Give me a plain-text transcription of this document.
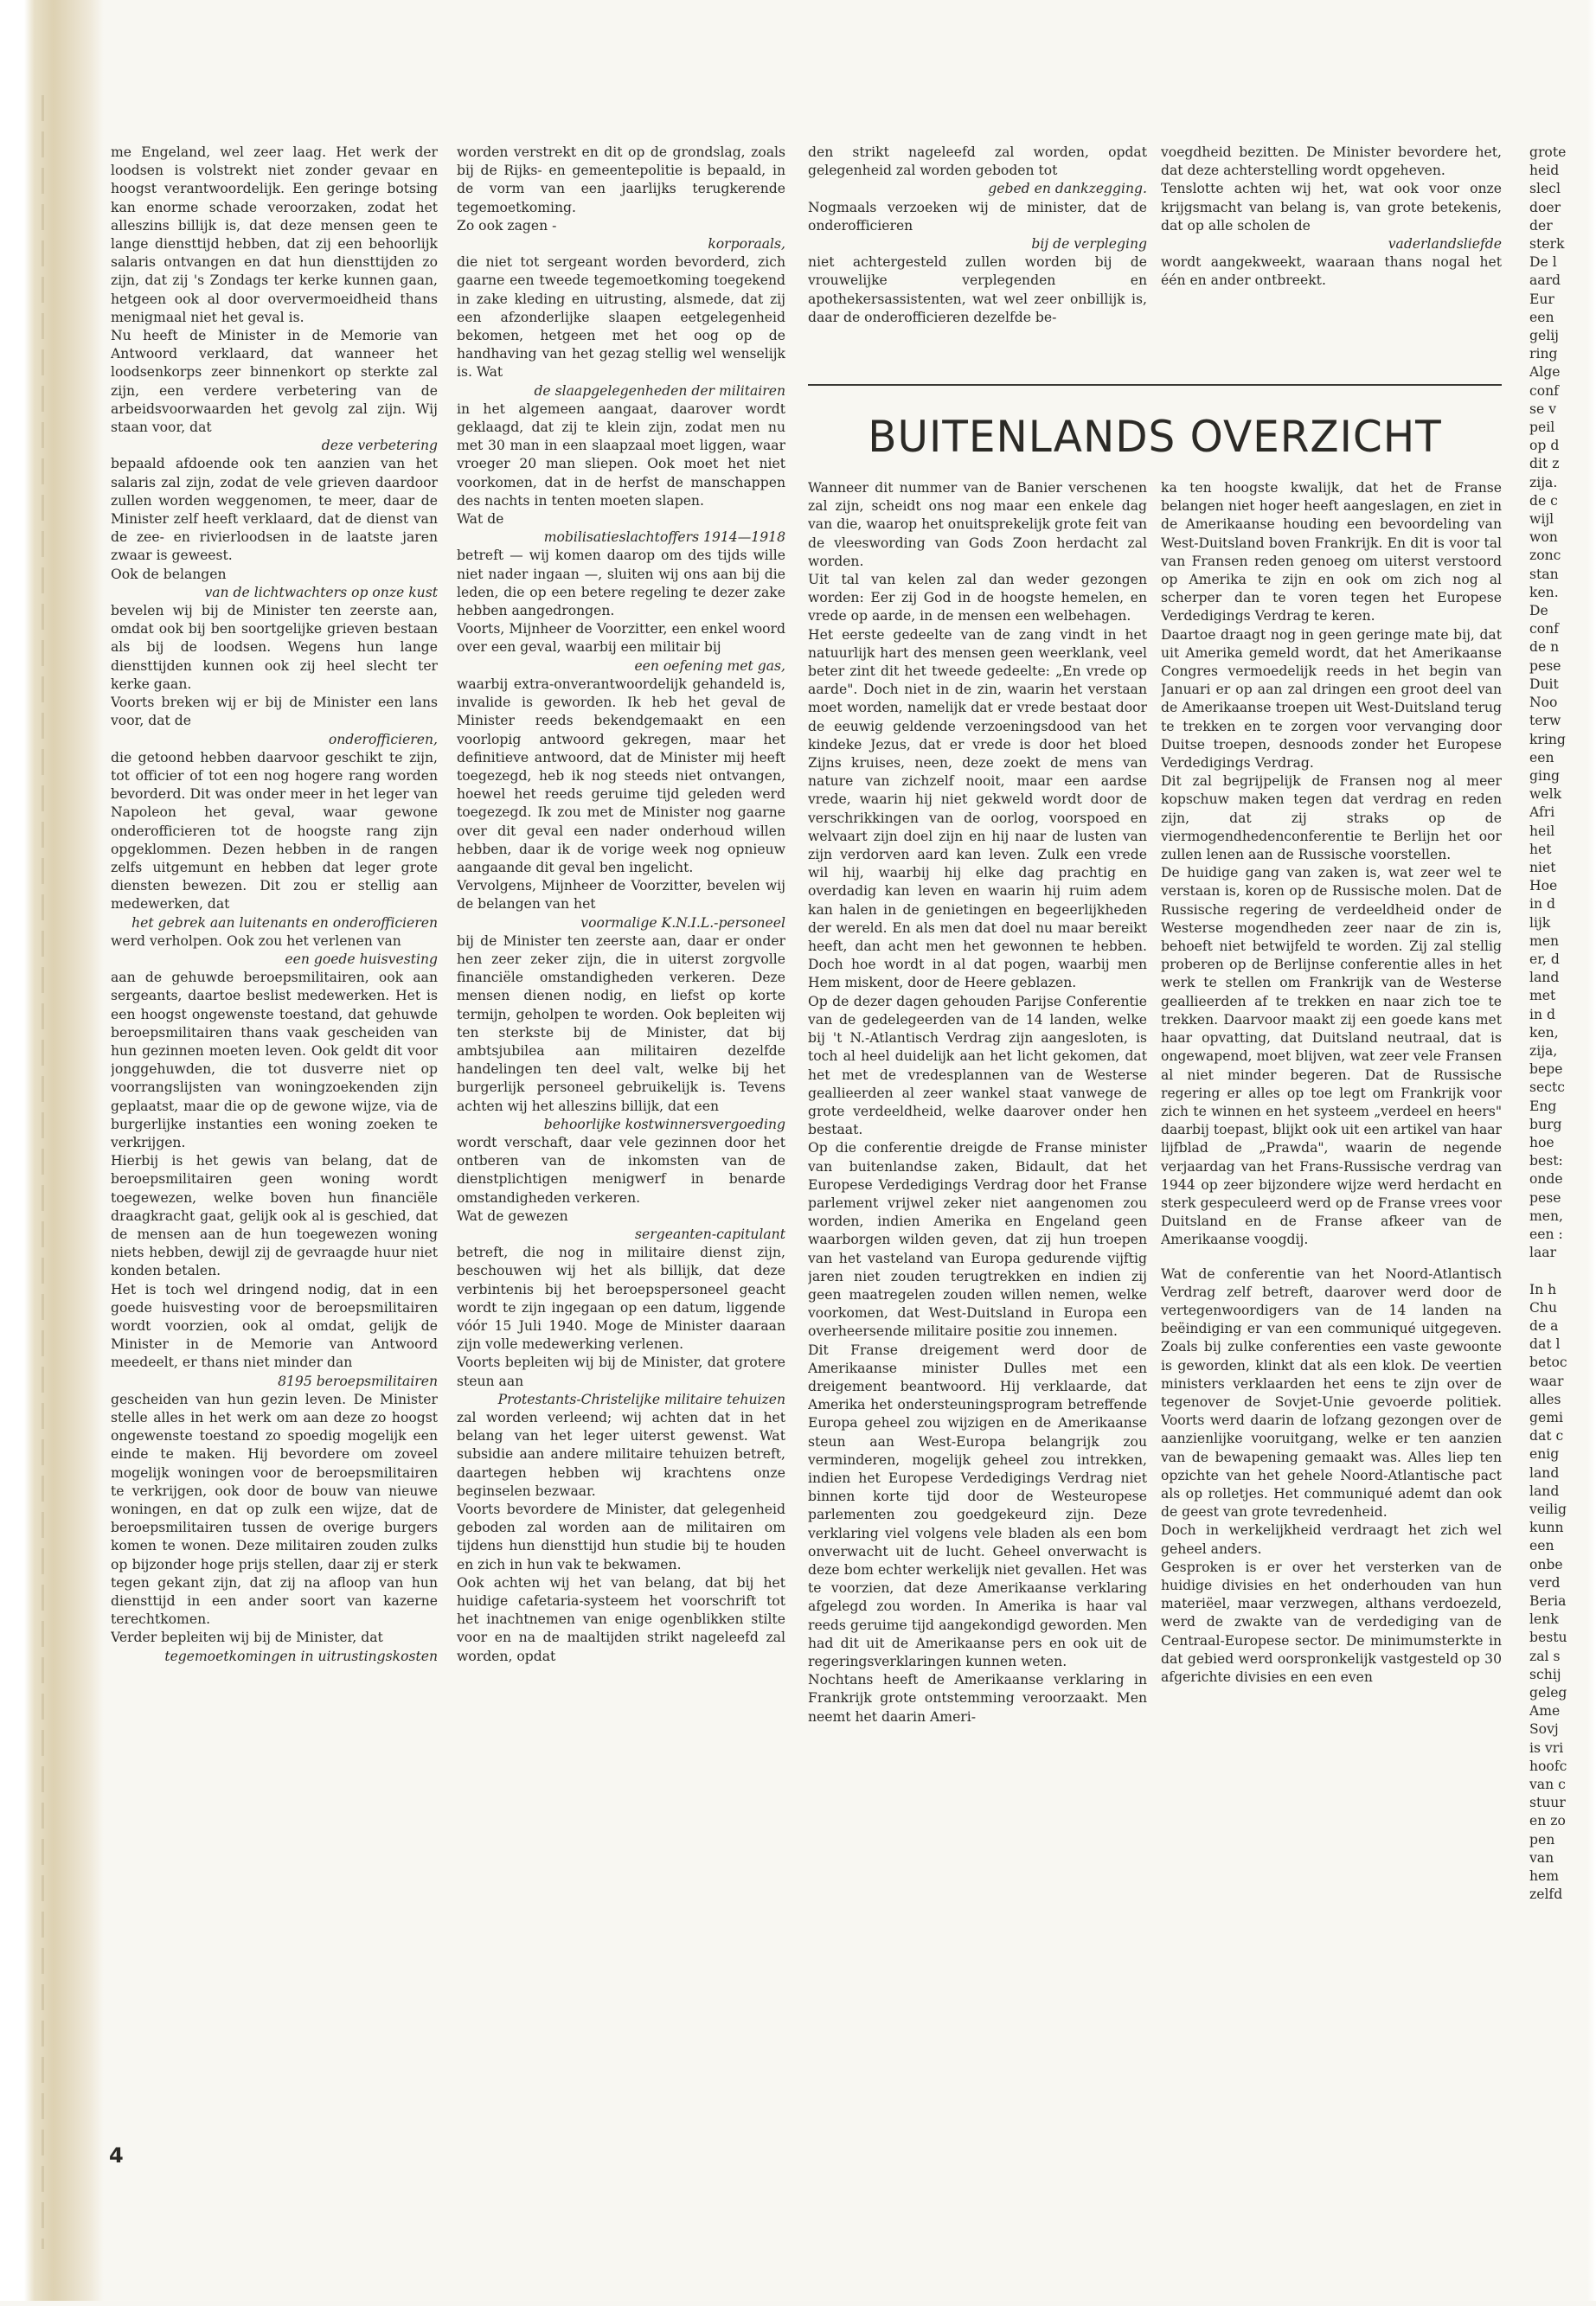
me Engeland, wel zeer laag. Het werk der loodsen is volstrekt niet zonder gevaar en hoogst verantwoordelijk. Een geringe botsing kan enorme schade veroorzaken, zodat het alleszins billijk is, dat deze mensen geen te lange diensttijd hebben, dat zij een behoorlijk salaris ontvangen en dat hun diensttijden zo zijn, dat zij 's Zondags ter kerke kunnen gaan, hetgeen ook al door oververmoeidheid thans menigmaal niet het geval is.

Nu heeft de Minister in de Memorie van Antwoord verklaard, dat wanneer het loodsenkorps zeer binnenkort op sterkte zal zijn, een verdere verbetering van de arbeidsvoorwaarden het gevolg zal zijn. Wij staan voor, dat

deze verbetering

bepaald afdoende ook ten aanzien van het salaris zal zijn, zodat de vele grieven daardoor zullen worden weggenomen, te meer, daar de Minister zelf heeft verklaard, dat de dienst van de zee- en rivierloodsen in de laatste jaren zwaar is geweest.

Ook de belangen

van de lichtwachters op onze kust

bevelen wij bij de Minister ten zeerste aan, omdat ook bij ben soortgelijke grieven bestaan als bij de loodsen. Wegens hun lange diensttijden kunnen ook zij heel slecht ter kerke gaan.

Voorts breken wij er bij de Minister een lans voor, dat de

onderofficieren,

die getoond hebben daarvoor geschikt te zijn, tot officier of tot een nog hogere rang worden bevorderd. Dit was onder meer in het leger van Napoleon het geval, waar gewone onderofficieren tot de hoogste rang zijn opgeklommen. Dezen hebben in de rangen zelfs uitgemunt en hebben dat leger grote diensten bewezen. Dit zou er stellig aan medewerken, dat

het gebrek aan luitenants en onderofficieren

werd verholpen. Ook zou het verlenen van

een goede huisvesting

aan de gehuwde beroepsmilitairen, ook aan sergeants, daartoe beslist medewerken. Het is een hoogst ongewenste toestand, dat gehuwde beroepsmilitairen thans vaak gescheiden van hun gezinnen moeten leven. Ook geldt dit voor jonggehuwden, die tot dusverre niet op voorrangslijsten van woningzoekenden zijn geplaatst, maar die op de gewone wijze, via de burgerlijke instanties een woning zoeken te verkrijgen.

Hierbij is het gewis van belang, dat de beroepsmilitairen geen woning wordt toegewezen, welke boven hun financiële draagkracht gaat, gelijk ook al is geschied, dat de mensen aan de hun toegewezen woning niets hebben, dewijl zij de gevraagde huur niet konden betalen.

Het is toch wel dringend nodig, dat in een goede huisvesting voor de beroepsmilitairen wordt voorzien, ook al omdat, gelijk de Minister in de Memorie van Antwoord meedeelt, er thans niet minder dan

8195 beroepsmilitairen

gescheiden van hun gezin leven. De Minister stelle alles in het werk om aan deze zo hoogst ongewenste toestand zo spoedig mogelijk een einde te maken. Hij bevordere om zoveel mogelijk woningen voor de beroepsmilitairen te verkrijgen, ook door de bouw van nieuwe woningen, en dat op zulk een wijze, dat de beroepsmilitairen tussen de overige burgers komen te wonen. Deze militairen zouden zulks op bijzonder hoge prijs stellen, daar zij er sterk tegen gekant zijn, dat zij na afloop van hun diensttijd in een ander soort van kazerne terechtkomen.

Verder bepleiten wij bij de Minister, dat

tegemoetkomingen in uitrustingskosten

worden verstrekt en dit op de grondslag, zoals bij de Rijks- en gemeentepolitie is bepaald, in de vorm van een jaarlijks terugkerende tegemoetkoming.

Zo ook zagen -

korporaals,

die niet tot sergeant worden bevorderd, zich gaarne een tweede tegemoetkoming toegekend in zake kleding en uitrusting, alsmede, dat zij een afzonderlijke slaapen eetgelegenheid bekomen, hetgeen met het oog op de handhaving van het gezag stellig wel wenselijk is. Wat

de slaapgelegenheden der militairen

in het algemeen aangaat, daarover wordt geklaagd, dat zij te klein zijn, zodat men nu met 30 man in een slaapzaal moet liggen, waar vroeger 20 man sliepen. Ook moet het niet voorkomen, dat in de herfst de manschappen des nachts in tenten moeten slapen.

Wat de

mobilisatieslachtoffers 1914—1918

betreft — wij komen daarop om des tijds wille niet nader ingaan —, sluiten wij ons aan bij die leden, die op een betere regeling te dezer zake hebben aangedrongen.

Voorts, Mijnheer de Voorzitter, een enkel woord over een geval, waarbij een militair bij

een oefening met gas,

waarbij extra-onverantwoordelijk gehandeld is, invalide is geworden. Ik heb het geval de Minister reeds bekendgemaakt en een voorlopig antwoord gekregen, maar het definitieve antwoord, dat de Minister mij heeft toegezegd, heb ik nog steeds niet ontvangen, hoewel het reeds geruime tijd geleden werd toegezegd. Ik zou met de Minister nog gaarne over dit geval een nader onderhoud willen hebben, daar ik de vorige week nog opnieuw aangaande dit geval ben ingelicht.

Vervolgens, Mijnheer de Voorzitter, bevelen wij de belangen van het

voormalige K.N.I.L.-personeel

bij de Minister ten zeerste aan, daar er onder hen zeer zeker zijn, die in uiterst zorgvolle financiële omstandigheden verkeren. Deze mensen dienen nodig, en liefst op korte termijn, geholpen te worden. Ook bepleiten wij ten sterkste bij de Minister, dat bij ambtsjubilea aan militairen dezelfde handelingen ten deel valt, welke bij het burgerlijk personeel gebruikelijk is. Tevens achten wij het alleszins billijk, dat een

behoorlijke kostwinnersvergoeding

wordt verschaft, daar vele gezinnen door het ontberen van de inkomsten van de dienstplichtigen menigwerf in benarde omstandigheden verkeren.

Wat de gewezen

sergeanten-capitulant

betreft, die nog in militaire dienst zijn, beschouwen wij het als billijk, dat deze verbintenis bij het beroepspersoneel geacht wordt te zijn ingegaan op een datum, liggende vóór 15 Juli 1940. Moge de Minister daaraan zijn volle medewerking verlenen.

Voorts bepleiten wij bij de Minister, dat grotere steun aan

Protestants-Christelijke militaire tehuizen

zal worden verleend; wij achten dat in het belang van het leger uiterst gewenst. Wat subsidie aan andere militaire tehuizen betreft, daartegen hebben wij krachtens onze beginselen bezwaar.

Voorts bevordere de Minister, dat gelegenheid geboden zal worden aan de militairen om tijdens hun diensttijd hun studie bij te houden en zich in hun vak te bekwamen.

Ook achten wij het van belang, dat bij het huidige cafetaria-systeem het voorschrift tot het inachtnemen van enige ogenblikken stilte voor en na de maaltijden strikt nageleefd zal worden, opdat

den strikt nageleefd zal worden, opdat gelegenheid zal worden geboden tot

gebed en dankzegging.

Nogmaals verzoeken wij de minister, dat de onderofficieren

bij de verpleging

niet achtergesteld zullen worden bij de vrouwelijke verplegenden en apothekersassistenten, wat wel zeer onbillijk is, daar de onderofficieren dezelfde be-

voegdheid bezitten. De Minister bevordere het, dat deze achterstelling wordt opgeheven.

Tenslotte achten wij het, wat ook voor onze krijgsmacht van belang is, van grote betekenis, dat op alle scholen de

vaderlandsliefde

wordt aangekweekt, waaraan thans nogal het één en ander ontbreekt.

BUITENLANDS OVERZICHT

Wanneer dit nummer van de Banier verschenen zal zijn, scheidt ons nog maar een enkele dag van die, waarop het onuitsprekelijk grote feit van de vleeswording van Gods Zoon herdacht zal worden.

Uit tal van kelen zal dan weder gezongen worden: Eer zij God in de hoogste hemelen, en vrede op aarde, in de mensen een welbehagen.

Het eerste gedeelte van de zang vindt in het natuurlijk hart des mensen geen weerklank, veel beter zint dit het tweede gedeelte: „En vrede op aarde". Doch niet in de zin, waarin het verstaan moet worden, namelijk dat er vrede bestaat door de eeuwig geldende verzoeningsdood van het kindeke Jezus, dat er vrede is door het bloed Zijns kruises, neen, deze zoekt de mens van nature van zichzelf nooit, maar een aardse vrede, waarin hij niet gekweld wordt door de verschrikkingen van de oorlog, voorspoed en welvaart zijn doel zijn en hij naar de lusten van zijn verdorven aard kan leven. Zulk een vrede wil hij, waarbij hij elke dag prachtig en overdadig kan leven en waarin hij ruim adem kan halen in de genietingen en begeerlijkheden der wereld. En als men dat doel nu maar bereikt heeft, dan acht men het gewonnen te hebben. Doch hoe wordt in al dat pogen, waarbij men Hem miskent, door de Heere geblazen.

Op de dezer dagen gehouden Parijse Conferentie van de gedelegeerden van de 14 landen, welke bij 't N.-Atlantisch Verdrag zijn aangesloten, is toch al heel duidelijk aan het licht gekomen, dat het met de vredesplannen van de Westerse geallieerden al zeer wankel staat vanwege de grote verdeeldheid, welke daarover onder hen bestaat.

Op die conferentie dreigde de Franse minister van buitenlandse zaken, Bidault, dat het Europese Verdedigings Verdrag door het Franse parlement vrijwel zeker niet aangenomen zou worden, indien Amerika en Engeland geen waarborgen wilden geven, dat zij hun troepen van het vasteland van Europa gedurende vijftig jaren niet zouden terugtrekken en indien zij geen maatregelen zouden willen nemen, welke voorkomen, dat West-Duitsland in Europa een overheersende militaire positie zou innemen.

Dit Franse dreigement werd door de Amerikaanse minister Dulles met een dreigement beantwoord. Hij verklaarde, dat Amerika het ondersteuningsprogram betreffende Europa geheel zou wijzigen en de Amerikaanse steun aan West-Europa belangrijk zou verminderen, mogelijk geheel zou intrekken, indien het Europese Verdedigings Verdrag niet binnen korte tijd door de Westeuropese parlementen zou goedgekeurd zijn. Deze verklaring viel volgens vele bladen als een bom onverwacht uit de lucht. Geheel onverwacht is deze bom echter werkelijk niet gevallen. Het was te voorzien, dat deze Amerikaanse verklaring afgelegd zou worden. In Amerika is haar val reeds geruime tijd aangekondigd geworden. Men had dit uit de Amerikaanse pers en ook uit de regeringsverklaringen kunnen weten.

Nochtans heeft de Amerikaanse verklaring in Frankrijk grote ontstemming veroorzaakt. Men neemt het daarin Ameri-

ka ten hoogste kwalijk, dat het de Franse belangen niet hoger heeft aangeslagen, en ziet in de Amerikaanse houding een bevoordeling van West-Duitsland boven Frankrijk. En dit is voor tal van Fransen reden genoeg om uiterst verstoord op Amerika te zijn en ook om zich nog al scherper dan te voren tegen het Europese Verdedigings Verdrag te keren.

Daartoe draagt nog in geen geringe mate bij, dat uit Amerika gemeld wordt, dat het Amerikaanse Congres vermoedelijk reeds in het begin van Januari er op aan zal dringen een groot deel van de Amerikaanse troepen uit West-Duitsland terug te trekken en te zorgen voor vervanging door Duitse troepen, desnoods zonder het Europese Verdedigings Verdrag.

Dit zal begrijpelijk de Fransen nog al meer kopschuw maken tegen dat verdrag en reden zijn, dat zij straks op de viermogendhedenconferentie te Berlijn het oor zullen lenen aan de Russische voorstellen.

De huidige gang van zaken is, wat zeer wel te verstaan is, koren op de Russische molen. Dat de Russische regering de verdeeldheid onder de Westerse mogendheden zeer naar de zin is, behoeft niet betwijfeld te worden. Zij zal stellig proberen op de Berlijnse conferentie alles in het werk te stellen om Frankrijk van de Westerse geallieerden af te trekken en naar zich toe te trekken. Daarvoor maakt zij een goede kans met haar opvatting, dat Duitsland neutraal, dat is ongewapend, moet blijven, wat zeer vele Fransen al niet minder begeren. Dat de Russische regering er alles op toe legt om Frankrijk voor zich te winnen en het systeem „verdeel en heers" daarbij toepast, blijkt ook uit een artikel van haar lijfblad de „Prawda", waarin de negende verjaardag van het Frans-Russische verdrag van 1944 op zeer bijzondere wijze werd herdacht en sterk gespeculeerd werd op de Franse vrees voor Duitsland en de Franse afkeer van de Amerikaanse voogdij.

Wat de conferentie van het Noord-Atlantisch Verdrag zelf betreft, daarover werd door de vertegenwoordigers van de 14 landen na beëindiging er van een communiqué uitgegeven. Zoals bij zulke conferenties een vaste gewoonte is geworden, klinkt dat als een klok. De veertien ministers verklaarden het eens te zijn over de tegenover de Sovjet-Unie gevoerde politiek. Voorts werd daarin de lofzang gezongen over de aanzienlijke vooruitgang, welke er ten aanzien van de bewapening gemaakt was. Alles liep ten opzichte van het gehele Noord-Atlantische pact als op rolletjes. Het communiqué ademt dan ook de geest van grote tevredenheid.

Doch in werkelijkheid verdraagt het zich wel geheel anders.

Gesproken is er over het versterken van de huidige divisies en het onderhouden van hun materiëel, maar verzwegen, althans verdoezeld, werd de zwakte van de verdediging van de Centraal-Europese sector. De minimumsterkte in dat gebied werd oorspronkelijk vastgesteld op 30 afgerichte divisies en een even

grote
heid
slecl
doer
der
sterk
De l
aard
Eur
een
gelij
ring
Alge
conf
se v
peil
op d
dit z
zija.
de c
wijl
won
zonc
stan
ken.
De
conf
de n
pese
Duit
Noo
terw
kring
een
ging
welk
Afri
heil
het
niet
Hoe
in d
lijk
men
er, d
land
met
in d
ken,
zija,
bepe
sectc
Eng
burg
hoe
best:
onde
pese
men,
een :
laar

In h
Chu
de a
dat l
betoc
waar
alles
gemi
dat c
enig
land
land
veilig
kunn
een
onbe
verd
Beria
lenk
bestu
zal s
schij
geleg
Ame
Sovj
is vri
hoofc
van c
stuur
en zo
pen
van
hem
zelfd
4
